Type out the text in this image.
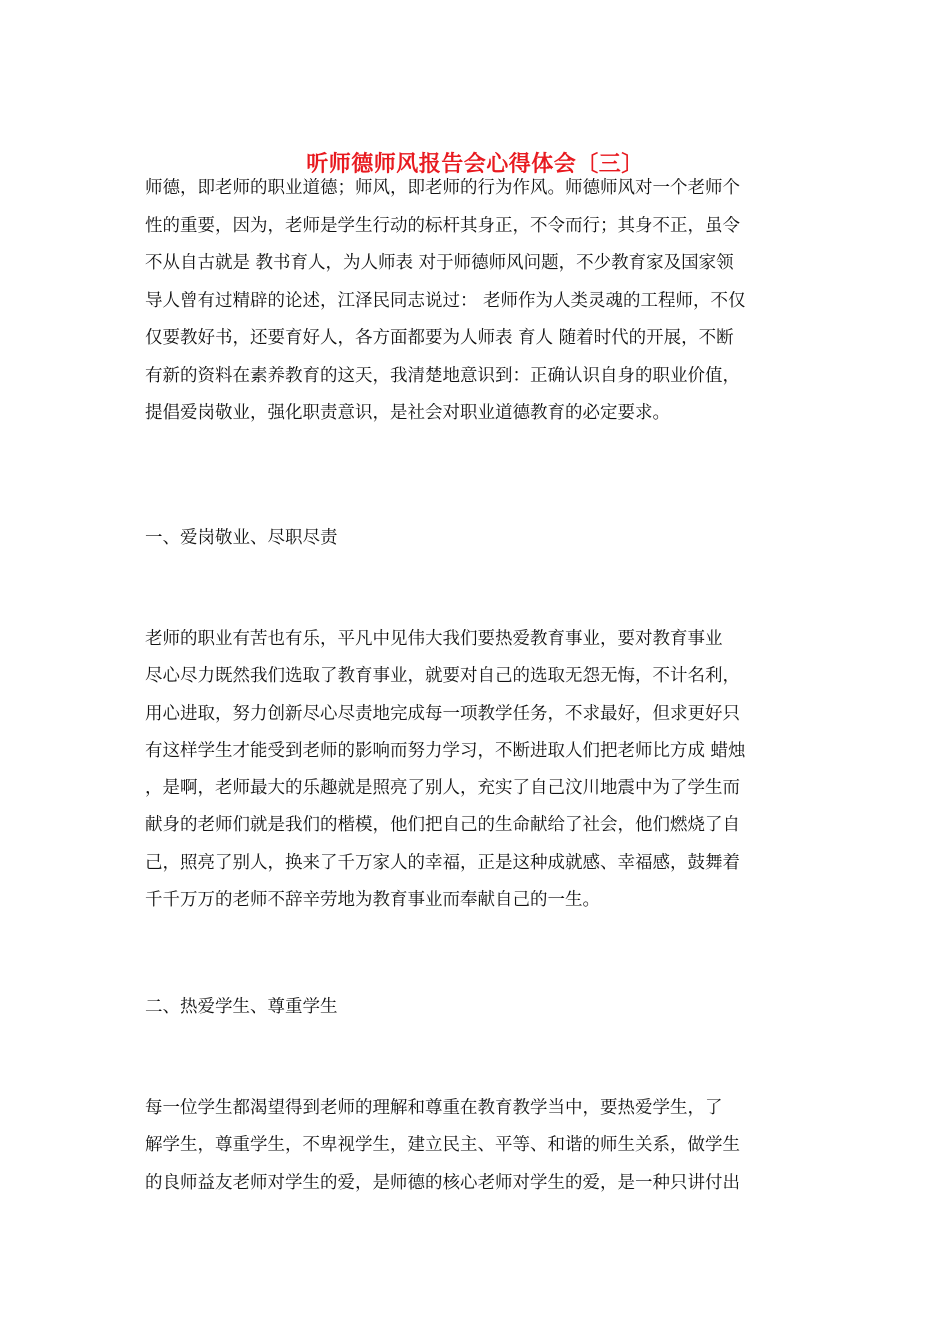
听师德师风报告会心得体会〔三〕

师德，即老师的职业道德；师风，即老师的行为作风。师德师风对一个老师个
性的重要，因为，老师是学生行动的标杆其身正，不令而行；其身不正，虽令
不从自古就是 教书育人，为人师表 对于师德师风问题，不少教育家及国家领
导人曾有过精辟的论述，江泽民同志说过： 老师作为人类灵魂的工程师，不仅
仅要教好书，还要育好人，各方面都要为人师表 育人 随着时代的开展，不断
有新的资料在素养教育的这天，我清楚地意识到：正确认识自身的职业价值，
提倡爱岗敬业，强化职责意识，是社会对职业道德教育的必定要求。

一、爱岗敬业、尽职尽责

老师的职业有苦也有乐，平凡中见伟大我们要热爱教育事业，要对教育事业
尽心尽力既然我们选取了教育事业，就要对自己的选取无怨无悔，不计名利，
用心进取，努力创新尽心尽责地完成每一项教学任务，不求最好，但求更好只
有这样学生才能受到老师的影响而努力学习，不断进取人们把老师比方成 蜡烛
，是啊，老师最大的乐趣就是照亮了别人，充实了自己汶川地震中为了学生而
献身的老师们就是我们的楷模，他们把自己的生命献给了社会，他们燃烧了自
己，照亮了别人，换来了千万家人的幸福，正是这种成就感、幸福感，鼓舞着
千千万万的老师不辞辛劳地为教育事业而奉献自己的一生。

二、热爱学生、尊重学生

每一位学生都渴望得到老师的理解和尊重在教育教学当中，要热爱学生，了
解学生，尊重学生，不卑视学生，建立民主、平等、和谐的师生关系，做学生
的良师益友老师对学生的爱，是师德的核心老师对学生的爱，是一种只讲付出
